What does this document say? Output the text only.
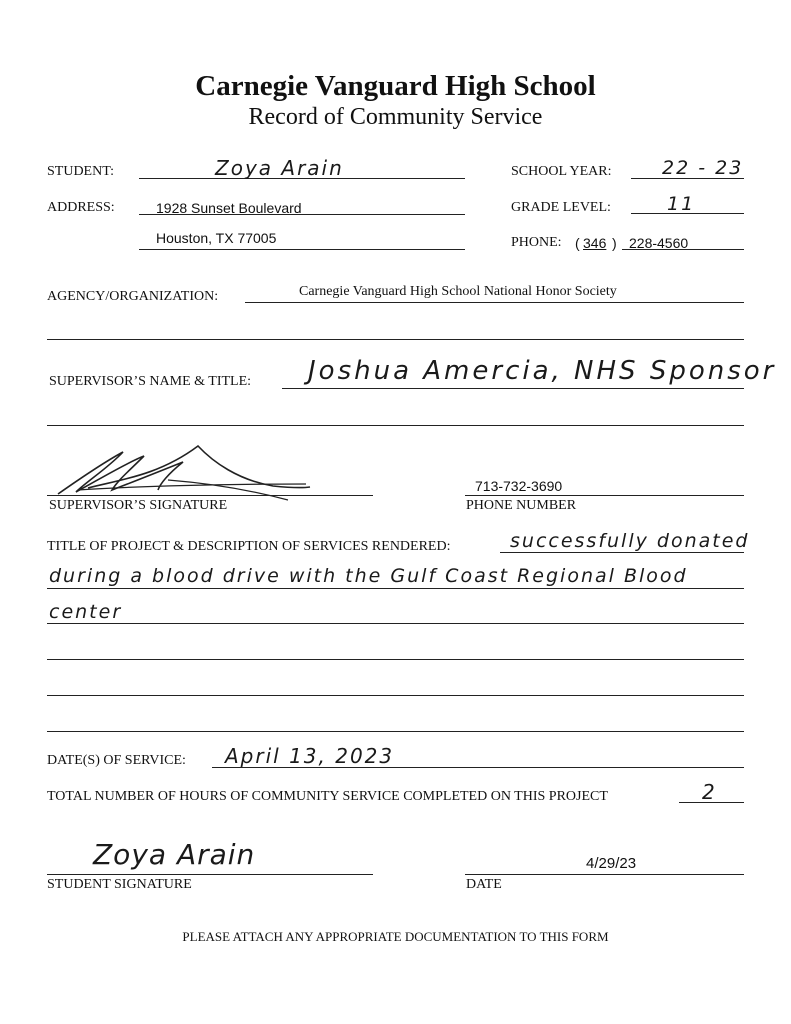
Carnegie Vanguard High School
Record of Community Service
STUDENT:	Zoya Arain	SCHOOL YEAR:	22 - 23
ADDRESS:	1928 Sunset Boulevard
Houston, TX 77005
GRADE LEVEL:	11
PHONE: ( 346 ) 228-4560
AGENCY/ORGANIZATION:	Carnegie Vanguard High School National Honor Society
SUPERVISOR’S NAME & TITLE: Joshua Amercia, NHS Sponsor
SUPERVISOR’S SIGNATURE
713-732-3690
PHONE NUMBER
TITLE OF PROJECT & DESCRIPTION OF SERVICES RENDERED:	successfully donated
during a blood drive with the Gulf Coast Regional Blood
center
DATE(S) OF SERVICE: April 13, 2023
TOTAL NUMBER OF HOURS OF COMMUNITY SERVICE COMPLETED ON THIS PROJECT	2
Zoya Arain
STUDENT SIGNATURE
4/29/23
DATE
PLEASE ATTACH ANY APPROPRIATE DOCUMENTATION TO THIS FORM
